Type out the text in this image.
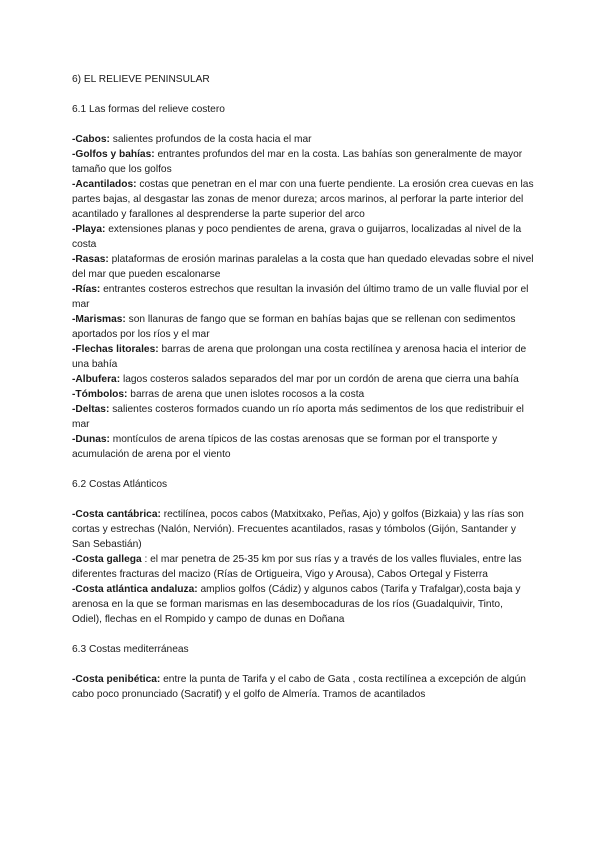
6) EL RELIEVE PENINSULAR

6.1 Las formas del relieve costero

-Cabos: salientes profundos de la costa hacia el mar

-Golfos y bahías: entrantes profundos del mar en la costa. Las bahías son generalmente de mayor tamaño que los golfos

-Acantilados: costas que penetran en el mar con una fuerte pendiente. La erosión crea cuevas en las partes bajas, al desgastar las zonas de menor dureza; arcos marinos, al perforar la parte interior del acantilado y farallones al desprenderse la parte superior del arco

-Playa: extensiones planas y poco pendientes de arena, grava o guijarros, localizadas al nivel de la costa

-Rasas: plataformas de erosión marinas paralelas a la costa que han quedado elevadas sobre el nivel del mar que pueden escalonarse

-Rías: entrantes costeros estrechos que resultan la invasión del último tramo de un valle fluvial por el mar

-Marismas: son llanuras de fango que se forman en bahías bajas que se rellenan con sedimentos aportados por los ríos y el mar

-Flechas litorales: barras de arena que prolongan una costa rectilínea y arenosa hacia el interior de una bahía

-Albufera: lagos costeros salados separados del mar por un cordón de arena que cierra una bahía

-Tómbolos: barras de arena que unen islotes rocosos a la costa

-Deltas: salientes costeros formados cuando un río aporta más sedimentos de los que redistribuir el mar

-Dunas: montículos de arena típicos de las costas arenosas que se forman por el transporte y acumulación de arena por el viento

6.2 Costas Atlánticos

-Costa cantábrica: rectilínea, pocos cabos (Matxitxako, Peñas, Ajo) y golfos (Bizkaia) y las rías son cortas y estrechas (Nalón, Nervión). Frecuentes acantilados, rasas y tómbolos (Gijón, Santander y San Sebastián)

-Costa gallega : el mar penetra de 25-35 km por sus rías y a través de los valles fluviales, entre las diferentes fracturas del macizo (Rías de Ortigueira, Vigo y Arousa), Cabos Ortegal y Fisterra

-Costa atlántica andaluza: amplios golfos (Cádiz) y algunos cabos (Tarifa y Trafalgar),costa baja y arenosa en la que se forman marismas en las desembocaduras de los ríos (Guadalquivir, Tinto, Odiel), flechas en el Rompido y campo de dunas en Doñana

6.3 Costas mediterráneas

-Costa penibética: entre la punta de Tarifa y el cabo de Gata , costa rectilínea a excepción de algún cabo poco pronunciado (Sacratif) y el golfo de Almería. Tramos de acantilados
